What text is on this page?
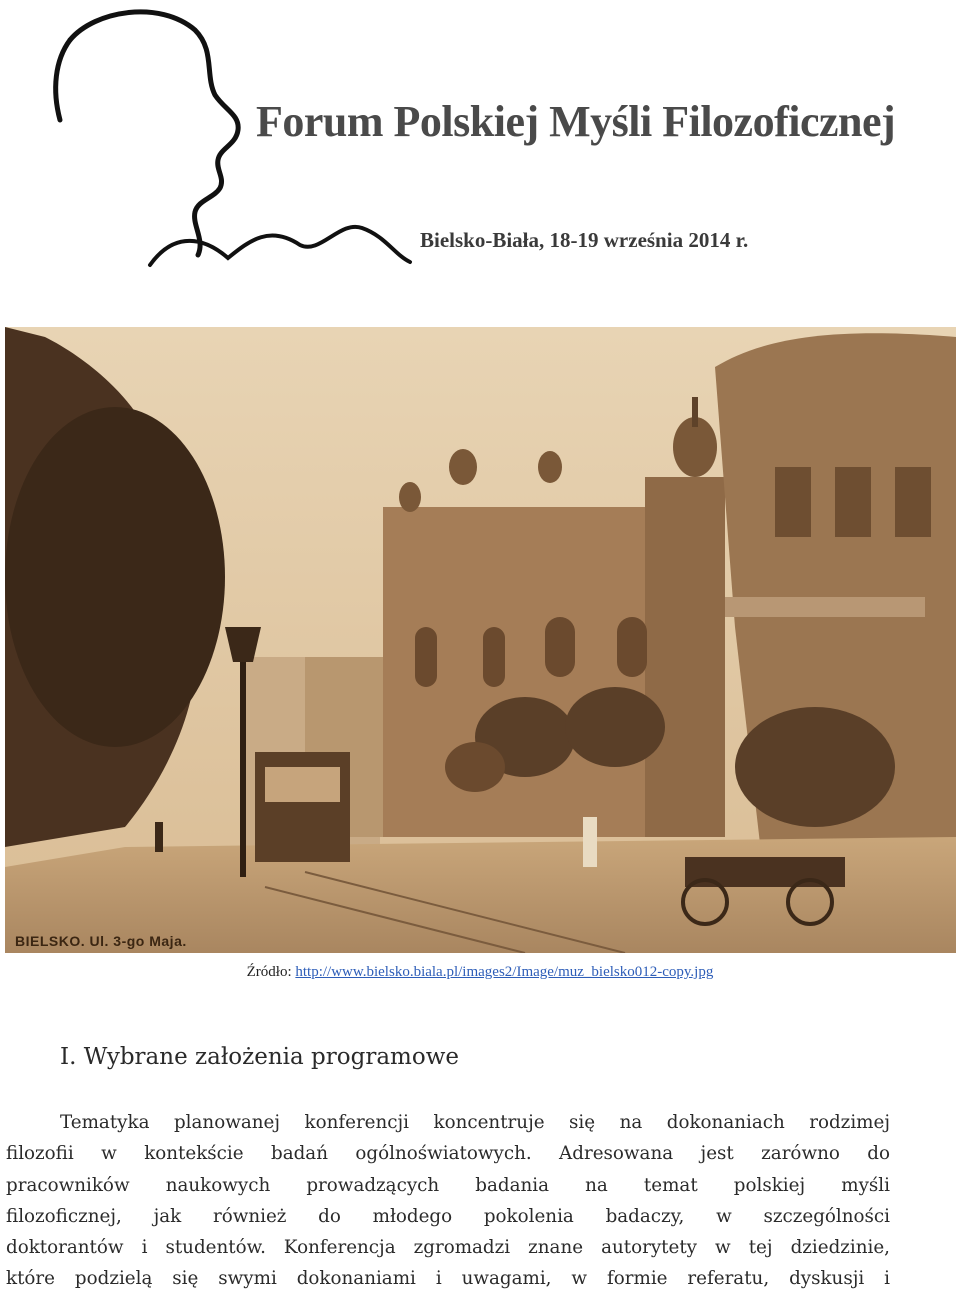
Forum Polskiej Myśli Filozoficznej
Bielsko-Biała, 18-19 września 2014 r.
BIELSKO. Ul. 3-go Maja.
Źródło: http://www.bielsko.biala.pl/images2/Image/muz_bielsko012-copy.jpg
I. Wybrane założenia programowe
Tematyka planowanej konferencji koncentruje się na dokonaniach rodzimej
filozofii w kontekście badań ogólnoświatowych. Adresowana jest zarówno do
pracowników naukowych prowadzących badania na temat polskiej myśli
filozoficznej, jak również do młodego pokolenia badaczy, w szczególności
doktorantów i studentów. Konferencja zgromadzi znane autorytety w tej dziedzinie,
które podzielą się swymi dokonaniami i uwagami, w formie referatu, dyskusji i
